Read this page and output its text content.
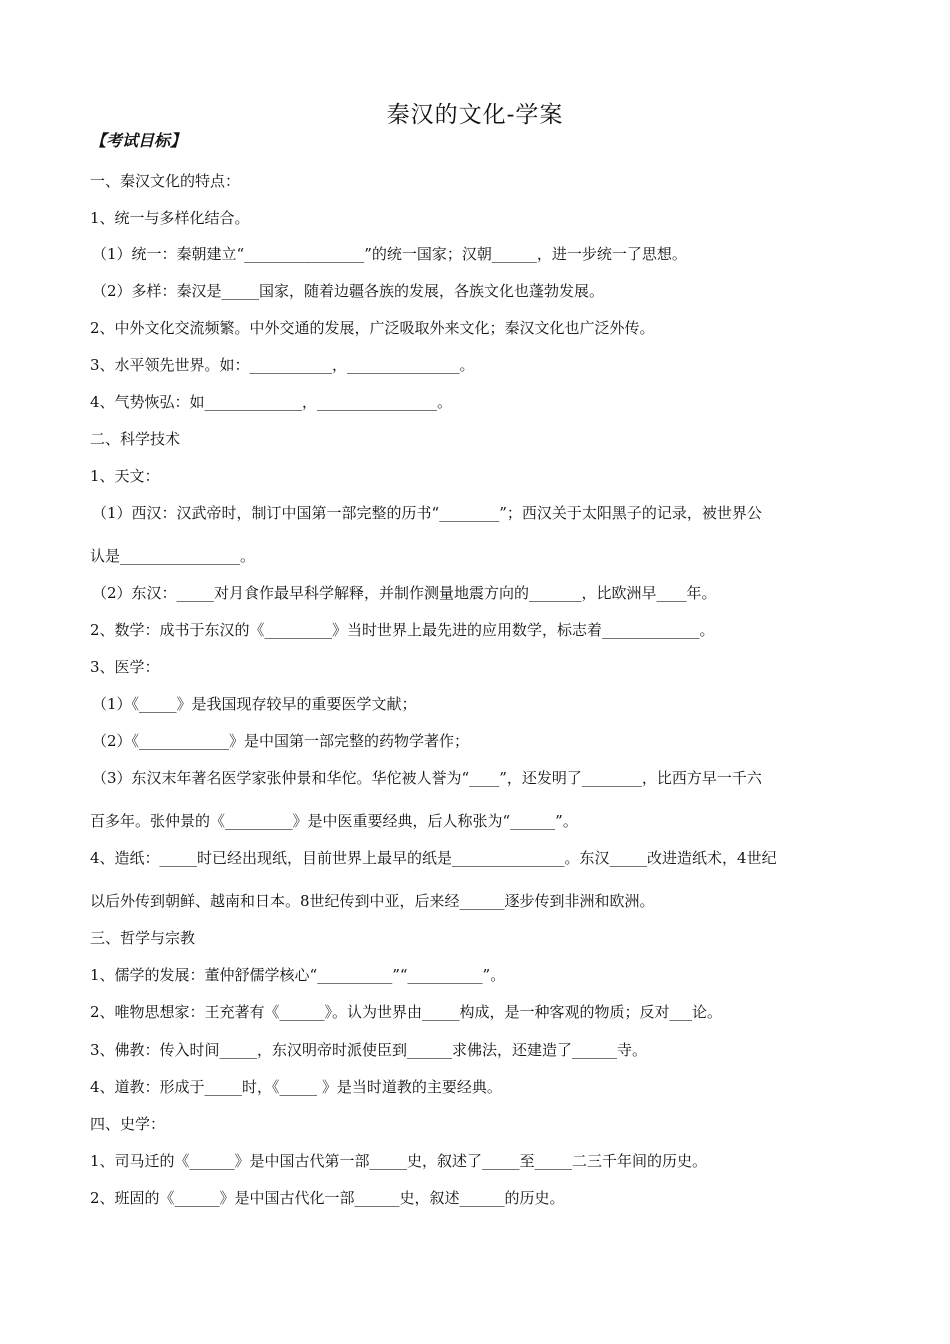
秦汉的文化-学案
【考试目标】
一、秦汉文化的特点：
1、统一与多样化结合。
（1）统一：秦朝建立“________________”的统一国家；汉朝______，进一步统一了思想。
（2）多样：秦汉是_____国家，随着边疆各族的发展，各族文化也蓬勃发展。
2、中外文化交流频繁。中外交通的发展，广泛吸取外来文化；秦汉文化也广泛外传。
3、水平领先世界。如：___________，_______________。
4、气势恢弘：如_____________，________________。
二、科学技术
1、天文：
（1）西汉：汉武帝时，制订中国第一部完整的历书“________”；西汉关于太阳黑子的记录，被世界公
认是________________。
（2）东汉：_____对月食作最早科学解释，并制作测量地震方向的_______，比欧洲早____年。
2、数学：成书于东汉的《_________》当时世界上最先进的应用数学，标志着_____________。
3、医学：
（1）《_____》是我国现存较早的重要医学文献；
（2）《____________》是中国第一部完整的药物学著作；
（3）东汉末年著名医学家张仲景和华佗。华佗被人誉为“____”，还发明了________，比西方早一千六
百多年。张仲景的《_________》是中医重要经典，后人称张为“______”。
4、造纸：_____时已经出现纸，目前世界上最早的纸是_______________。东汉_____改进造纸术，4世纪
以后外传到朝鲜、越南和日本。8世纪传到中亚，后来经______逐步传到非洲和欧洲。
三、哲学与宗教
1、儒学的发展：董仲舒儒学核心“__________”“__________”。
2、唯物思想家：王充著有《______》。认为世界由_____构成，是一种客观的物质；反对___论。
3、佛教：传入时间_____，东汉明帝时派使臣到______求佛法，还建造了______寺。
4、道教：形成于_____时，《_____ 》是当时道教的主要经典。
四、史学：
1、司马迁的《______》是中国古代第一部_____史，叙述了_____至_____二三千年间的历史。
2、班固的《______》是中国古代化一部______史，叙述______的历史。
